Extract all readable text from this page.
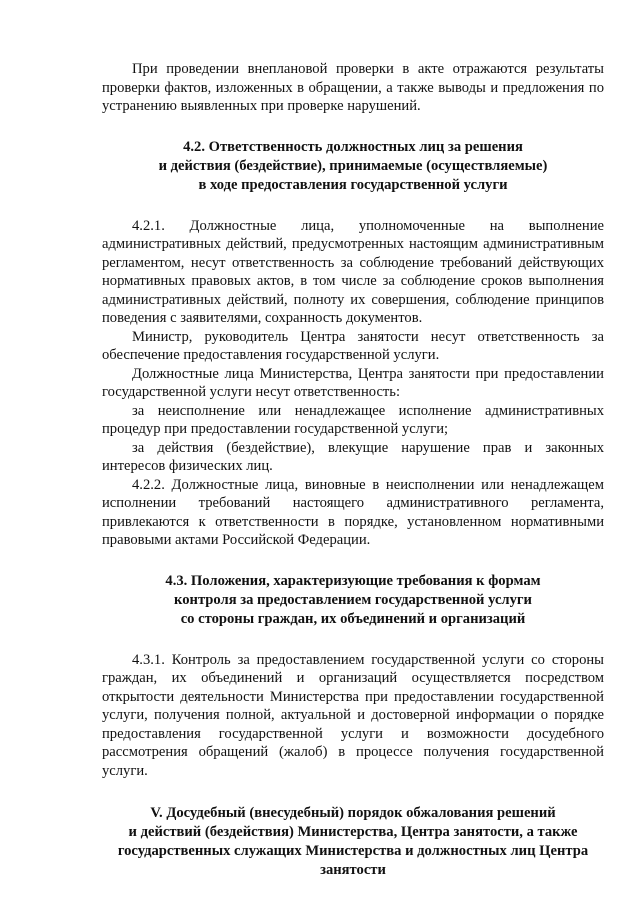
При проведении внеплановой проверки в акте отражаются результаты проверки фактов, изложенных в обращении, а также выводы и предложения по устранению выявленных при проверке нарушений.

4.2. Ответственность должностных лиц за решения
и действия (бездействие), принимаемые (осуществляемые)
в ходе предоставления государственной услуги

4.2.1. Должностные лица, уполномоченные на выполнение административных действий, предусмотренных настоящим административным регламентом, несут ответственность за соблюдение требований действующих нормативных правовых актов, в том числе за соблюдение сроков выполнения административных действий, полноту их совершения, соблюдение принципов поведения с заявителями, сохранность документов.

Министр, руководитель Центра занятости несут ответственность за обеспечение предоставления государственной услуги.

Должностные лица Министерства, Центра занятости при предоставлении государственной услуги несут ответственность:

за неисполнение или ненадлежащее исполнение административных процедур при предоставлении государственной услуги;

за действия (бездействие), влекущие нарушение прав и законных интересов физических лиц.

4.2.2. Должностные лица, виновные в неисполнении или ненадлежащем исполнении требований настоящего административного регламента, привлекаются к ответственности в порядке, установленном нормативными правовыми актами Российской Федерации.

4.3. Положения, характеризующие требования к формам
контроля за предоставлением государственной услуги
со стороны граждан, их объединений и организаций

4.3.1. Контроль за предоставлением государственной услуги со стороны граждан, их объединений и организаций осуществляется посредством открытости деятельности Министерства при предоставлении государственной услуги, получения полной, актуальной и достоверной информации о порядке предоставления государственной услуги и возможности досудебного рассмотрения обращений (жалоб) в процессе получения государственной услуги.

V. Досудебный (внесудебный) порядок обжалования решений
и действий (бездействия) Министерства, Центра занятости, а также
государственных служащих Министерства и должностных лиц Центра
занятости
